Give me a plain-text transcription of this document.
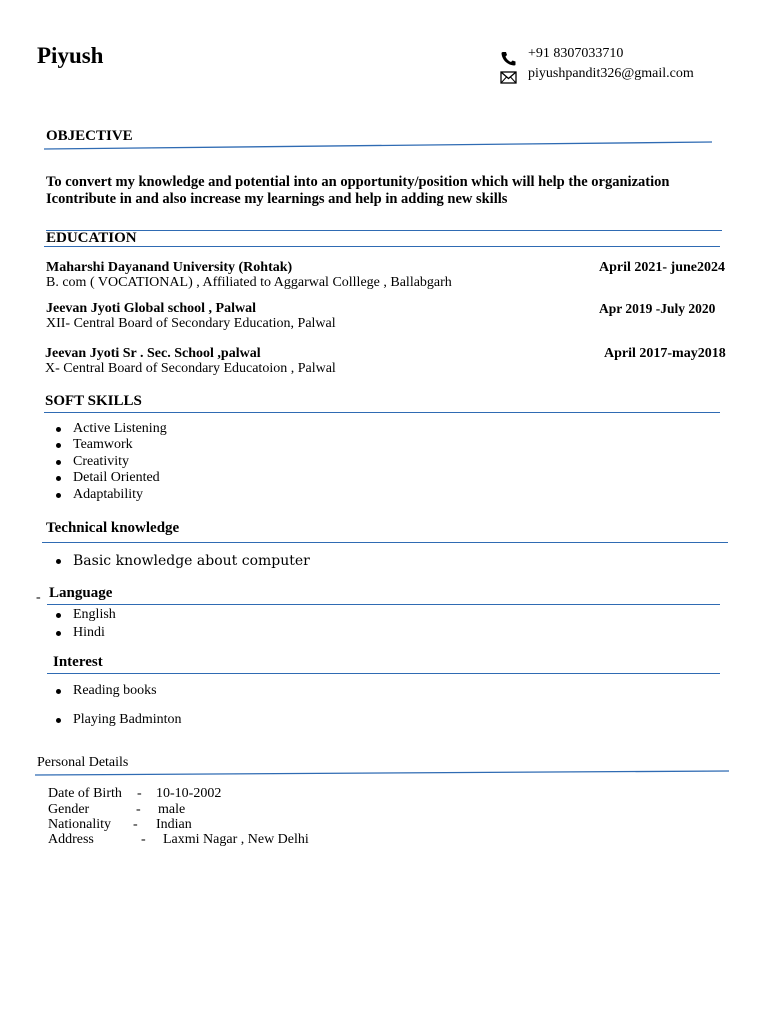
Piyush	+91 8307033710
piyushpandit326@gmail.com
OBJECTIVE
To convert my knowledge and potential into an opportunity/position which will help the organization Icontribute in and also increase my learnings and help in adding new skills
EDUCATION
Maharshi Dayanand University (Rohtak)	April 2021- june2024
B. com ( VOCATIONAL) , Affiliated to Aggarwal Colllege , Ballabgarh
Jeevan Jyoti Global school , Palwal	Apr 2019 -July 2020
XII- Central Board of Secondary Education, Palwal
Jeevan Jyoti Sr . Sec. School ,palwal	April 2017-may2018
X- Central Board of Secondary Educatoion , Palwal
SOFT SKILLS
Active Listening
Teamwork
Creativity
Detail Oriented
Adaptability
Technical knowledge
Basic knowledge about computer
- Language
English
Hindi
Interest
Reading books
Playing Badminton
Personal Details
Date of Birth - 10-10-2002
Gender	- male
Nationality - Indian
Address	- Laxmi Nagar , New Delhi
